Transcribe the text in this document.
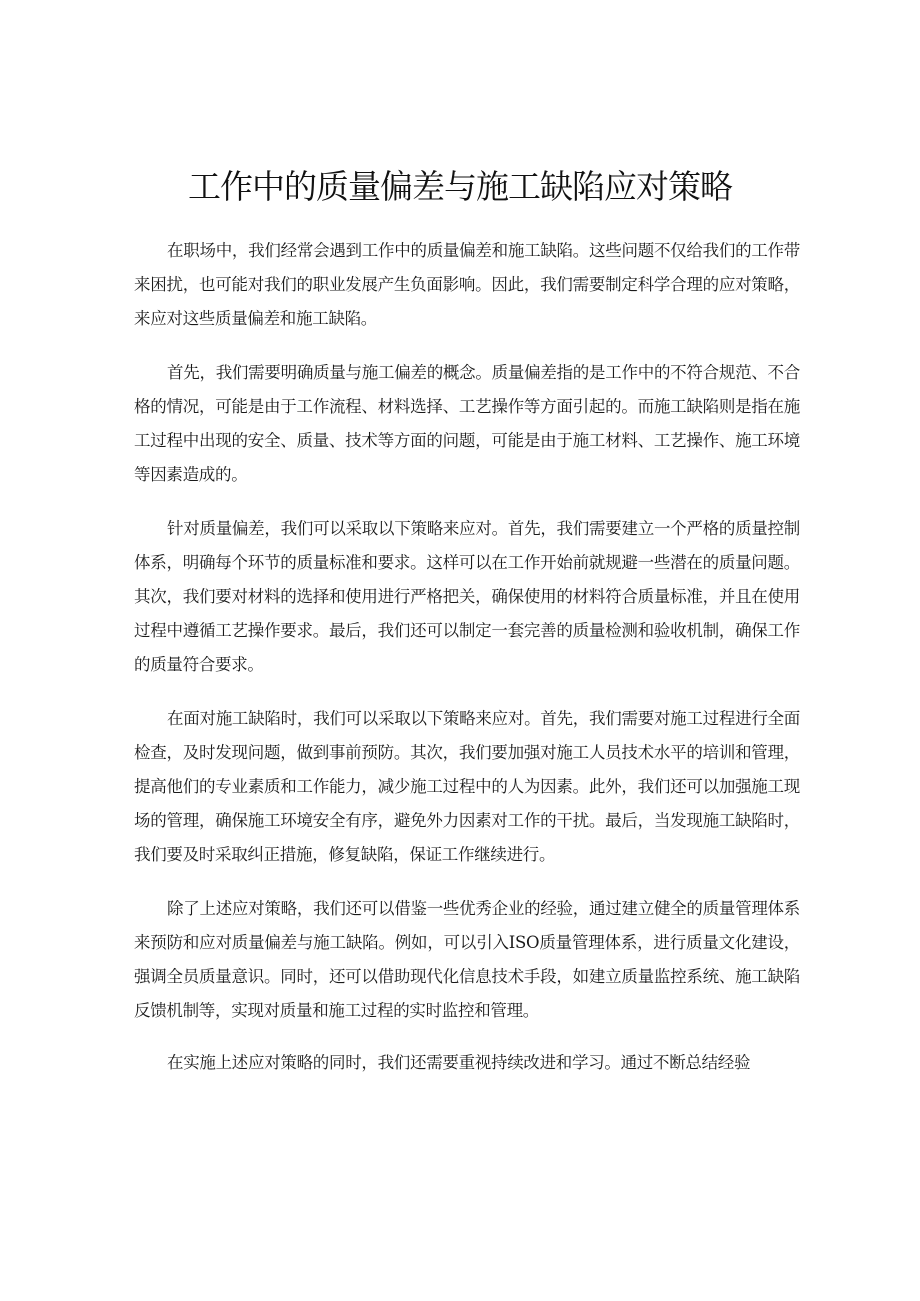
工作中的质量偏差与施工缺陷应对策略

在职场中，我们经常会遇到工作中的质量偏差和施工缺陷。这些问题不仅给我们的工作带来困扰，也可能对我们的职业发展产生负面影响。因此，我们需要制定科学合理的应对策略，来应对这些质量偏差和施工缺陷。

首先，我们需要明确质量与施工偏差的概念。质量偏差指的是工作中的不符合规范、不合格的情况，可能是由于工作流程、材料选择、工艺操作等方面引起的。而施工缺陷则是指在施工过程中出现的安全、质量、技术等方面的问题，可能是由于施工材料、工艺操作、施工环境等因素造成的。

针对质量偏差，我们可以采取以下策略来应对。首先，我们需要建立一个严格的质量控制体系，明确每个环节的质量标准和要求。这样可以在工作开始前就规避一些潜在的质量问题。其次，我们要对材料的选择和使用进行严格把关，确保使用的材料符合质量标准，并且在使用过程中遵循工艺操作要求。最后，我们还可以制定一套完善的质量检测和验收机制，确保工作的质量符合要求。

在面对施工缺陷时，我们可以采取以下策略来应对。首先，我们需要对施工过程进行全面检查，及时发现问题，做到事前预防。其次，我们要加强对施工人员技术水平的培训和管理，提高他们的专业素质和工作能力，减少施工过程中的人为因素。此外，我们还可以加强施工现场的管理，确保施工环境安全有序，避免外力因素对工作的干扰。最后，当发现施工缺陷时，我们要及时采取纠正措施，修复缺陷，保证工作继续进行。

除了上述应对策略，我们还可以借鉴一些优秀企业的经验，通过建立健全的质量管理体系来预防和应对质量偏差与施工缺陷。例如，可以引入ISO质量管理体系，进行质量文化建设，强调全员质量意识。同时，还可以借助现代化信息技术手段，如建立质量监控系统、施工缺陷反馈机制等，实现对质量和施工过程的实时监控和管理。

在实施上述应对策略的同时，我们还需要重视持续改进和学习。通过不断总结经验
